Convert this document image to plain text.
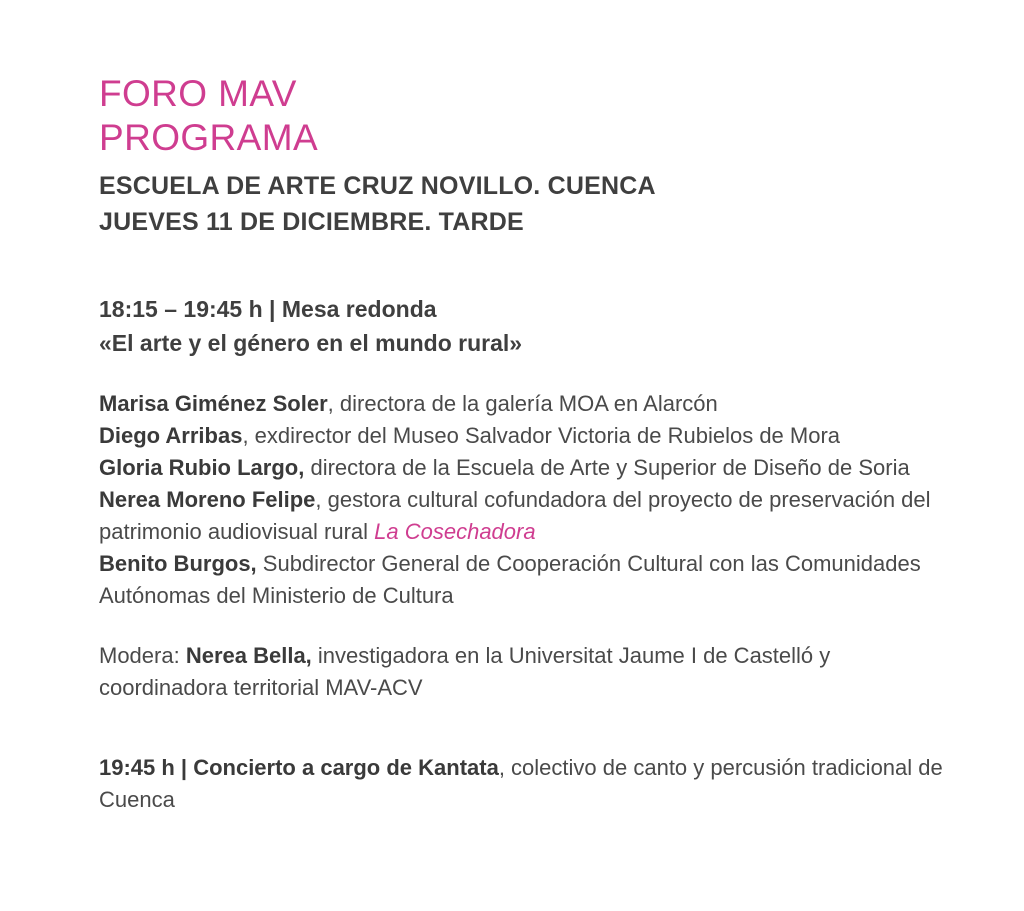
FORO MAV
PROGRAMA
ESCUELA DE ARTE CRUZ NOVILLO. CUENCA
JUEVES 11 DE DICIEMBRE. TARDE
18:15 – 19:45 h | Mesa redonda
«El arte y el género en el mundo rural»

Marisa Giménez Soler, directora de la galería MOA en Alarcón

Diego Arribas, exdirector del Museo Salvador Victoria de Rubielos de Mora

Gloria Rubio Largo, directora de la Escuela de Arte y Superior de Diseño de Soria

Nerea Moreno Felipe, gestora cultural cofundadora del proyecto de preservación del patrimonio audiovisual rural La Cosechadora

Benito Burgos, Subdirector General de Cooperación Cultural con las Comunidades Autónomas del Ministerio de Cultura

Modera: Nerea Bella, investigadora en la Universitat Jaume I de Castelló y coordinadora territorial MAV-ACV
19:45 h | Concierto a cargo de Kantata, colectivo de canto y percusión tradicional de Cuenca
